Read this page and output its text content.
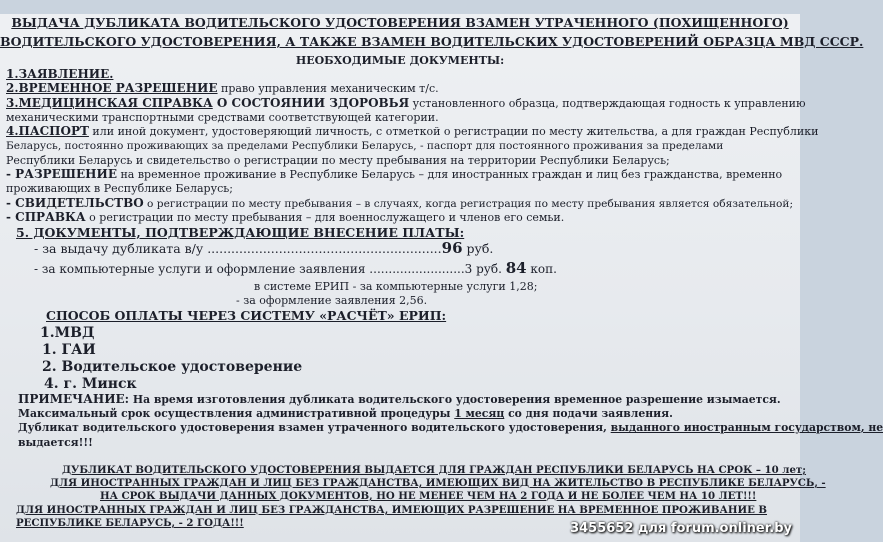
ВЫДАЧА ДУБЛИКАТА ВОДИТЕЛЬСКОГО УДОСТОВЕРЕНИЯ ВЗАМЕН УТРАЧЕННОГО (ПОХИЩЕННОГО)
ВОДИТЕЛЬСКОГО УДОСТОВЕРЕНИЯ, А ТАКЖЕ ВЗАМЕН ВОДИТЕЛЬСКИХ УДОСТОВЕРЕНИЙ ОБРАЗЦА МВД СССР.
НЕОБХОДИМЫЕ ДОКУМЕНТЫ:
1.ЗАЯВЛЕНИЕ.
2.ВРЕМЕННОЕ РАЗРЕШЕНИЕ право управления механическим т/с.
3.МЕДИЦИНСКАЯ СПРАВКА О СОСТОЯНИИ ЗДОРОВЬЯ установленного образца, подтверждающая годность к управлению
механическими транспортными средствами соответствующей категории.
4.ПАСПОРТ или иной документ, удостоверяющий личность, с отметкой о регистрации по месту жительства, а для граждан Республики
Беларусь, постоянно проживающих за пределами Республики Беларусь, - паспорт для постоянного проживания за пределами
Республики Беларусь и свидетельство о регистрации по месту пребывания на территории Республики Беларусь;
- РАЗРЕШЕНИЕ на временное проживание в Республике Беларусь – для иностранных граждан и лиц без гражданства, временно
проживающих в Республике Беларусь;
- СВИДЕТЕЛЬСТВО о регистрации по месту пребывания – в случаях, когда регистрация по месту пребывания является обязательной;
- СПРАВКА о регистрации по месту пребывания – для военнослужащего и членов его семьи.
5. ДОКУМЕНТЫ, ПОДТВЕРЖДАЮЩИЕ ВНЕСЕНИЕ ПЛАТЫ:
- за выдачу дубликата в/у ...........................................................96 руб.
- за компьютерные услуги и оформление заявления .........................3 руб. 84 коп.
в системе ЕРИП - за компьютерные услуги 1,28;
- за оформление заявления 2,56.
СПОСОБ ОПЛАТЫ ЧЕРЕЗ СИСТЕМУ «РАСЧЁТ» ЕРИП:
1.МВД
1. ГАИ
2. Водительское удостоверение
4. г. Минск
ПРИМЕЧАНИЕ: На время изготовления дубликата водительского удостоверения временное разрешение изымается.
Максимальный срок осуществления административной процедуры 1 месяц со дня подачи заявления.
Дубликат водительского удостоверения взамен утраченного водительского удостоверения, выданного иностранным государством, не
выдается!!!
ДУБЛИКАТ ВОДИТЕЛЬСКОГО УДОСТОВЕРЕНИЯ ВЫДАЕТСЯ ДЛЯ ГРАЖДАН РЕСПУБЛИКИ БЕЛАРУСЬ НА СРОК – 10 лет;
ДЛЯ ИНОСТРАННЫХ ГРАЖДАН И ЛИЦ БЕЗ ГРАЖДАНСТВА, ИМЕЮЩИХ ВИД НА ЖИТЕЛЬСТВО В РЕСПУБЛИКЕ БЕЛАРУСЬ, -
НА СРОК ВЫДАЧИ ДАННЫХ ДОКУМЕНТОВ, НО НЕ МЕНЕЕ ЧЕМ НА 2 ГОДА И НЕ БОЛЕЕ ЧЕМ НА 10 ЛЕТ!!!
ДЛЯ ИНОСТРАННЫХ ГРАЖДАН И ЛИЦ БЕЗ ГРАЖДАНСТВА, ИМЕЮЩИХ РАЗРЕШЕНИЕ НА ВРЕМЕННОЕ ПРОЖИВАНИЕ В
РЕСПУБЛИКЕ БЕЛАРУСЬ, - 2 ГОДА!!!	3455652 для forum.onliner.by
